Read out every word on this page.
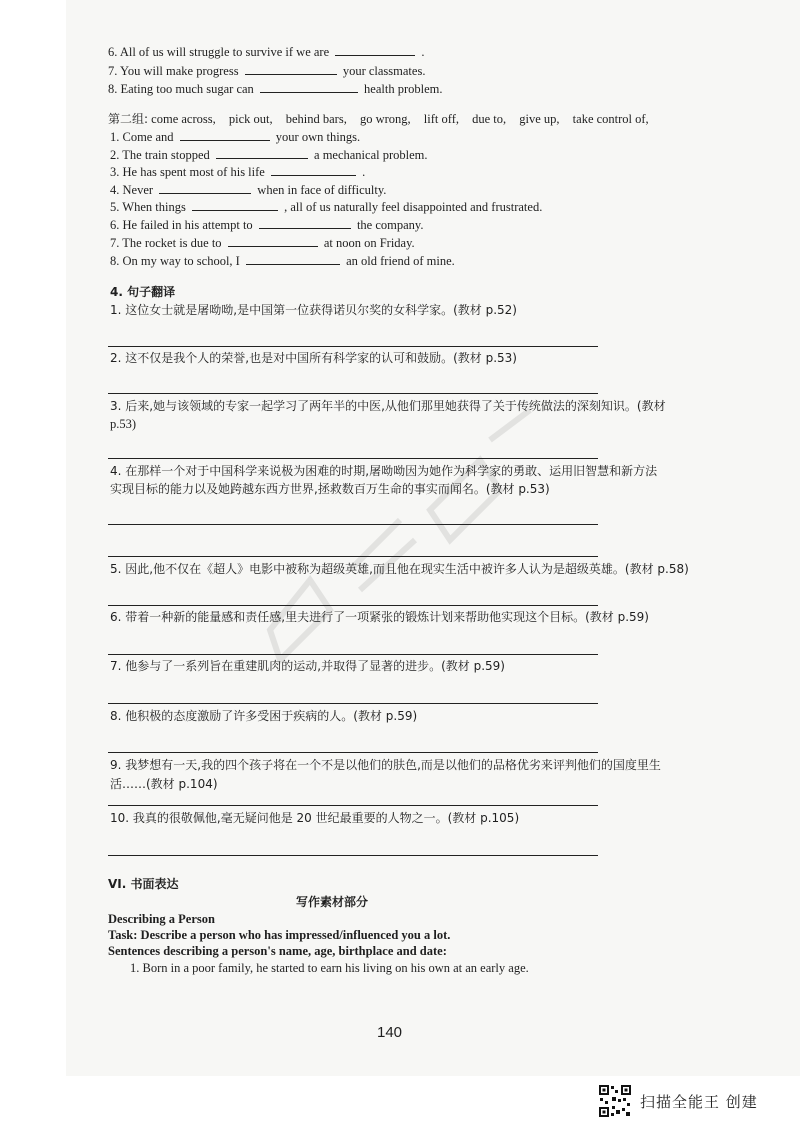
6. All of us will struggle to survive if we are	.
7. You will make progress	your classmates.
8. Eating too much sugar can	health problem.
第二组: come across, pick out, behind bars, go wrong, lift off, due to, give up, take control of,
1. Come and	your own things.
2. The train stopped	a mechanical problem.
3. He has spent most of his life	.
4. Never	when in face of difficulty.
5. When things	, all of us naturally feel disappointed and frustrated.
6. He failed in his attempt to	the company.
7. The rocket is due to	at noon on Friday.
8. On my way to school, I	an old friend of mine.
4. 句子翻译
1. 这位女士就是屠呦呦,是中国第一位获得诺贝尔奖的女科学家。(教材 p.52)
2. 这不仅是我个人的荣誉,也是对中国所有科学家的认可和鼓励。(教材 p.53)
3. 后来,她与该领域的专家一起学习了两年半的中医,从他们那里她获得了关于传统做法的深刻知识。(教材
p.53)
4. 在那样一个对于中国科学来说极为困难的时期,屠呦呦因为她作为科学家的勇敢、运用旧智慧和新方法
实现目标的能力以及她跨越东西方世界,拯救数百万生命的事实而闻名。(教材 p.53)
5. 因此,他不仅在《超人》电影中被称为超级英雄,而且他在现实生活中被许多人认为是超级英雄。(教材 p.58)
6. 带着一种新的能量感和责任感,里夫进行了一项紧张的锻炼计划来帮助他实现这个目标。(教材 p.59)
7. 他参与了一系列旨在重建肌肉的运动,并取得了显著的进步。(教材 p.59)
8. 他积极的态度激励了许多受困于疾病的人。(教材 p.59)
9. 我梦想有一天,我的四个孩子将在一个不是以他们的肤色,而是以他们的品格优劣来评判他们的国度里生
活……(教材 p.104)
10. 我真的很敬佩他,毫无疑问他是 20 世纪最重要的人物之一。(教材 p.105)
VI. 书面表达
写作素材部分
Describing a Person
Task: Describe a person who has impressed/influenced you a lot.
Sentences describing a person's name, age, birthplace and date:
1. Born in a poor family, he started to earn his living on his own at an early age.
140
扫描全能王 创建
